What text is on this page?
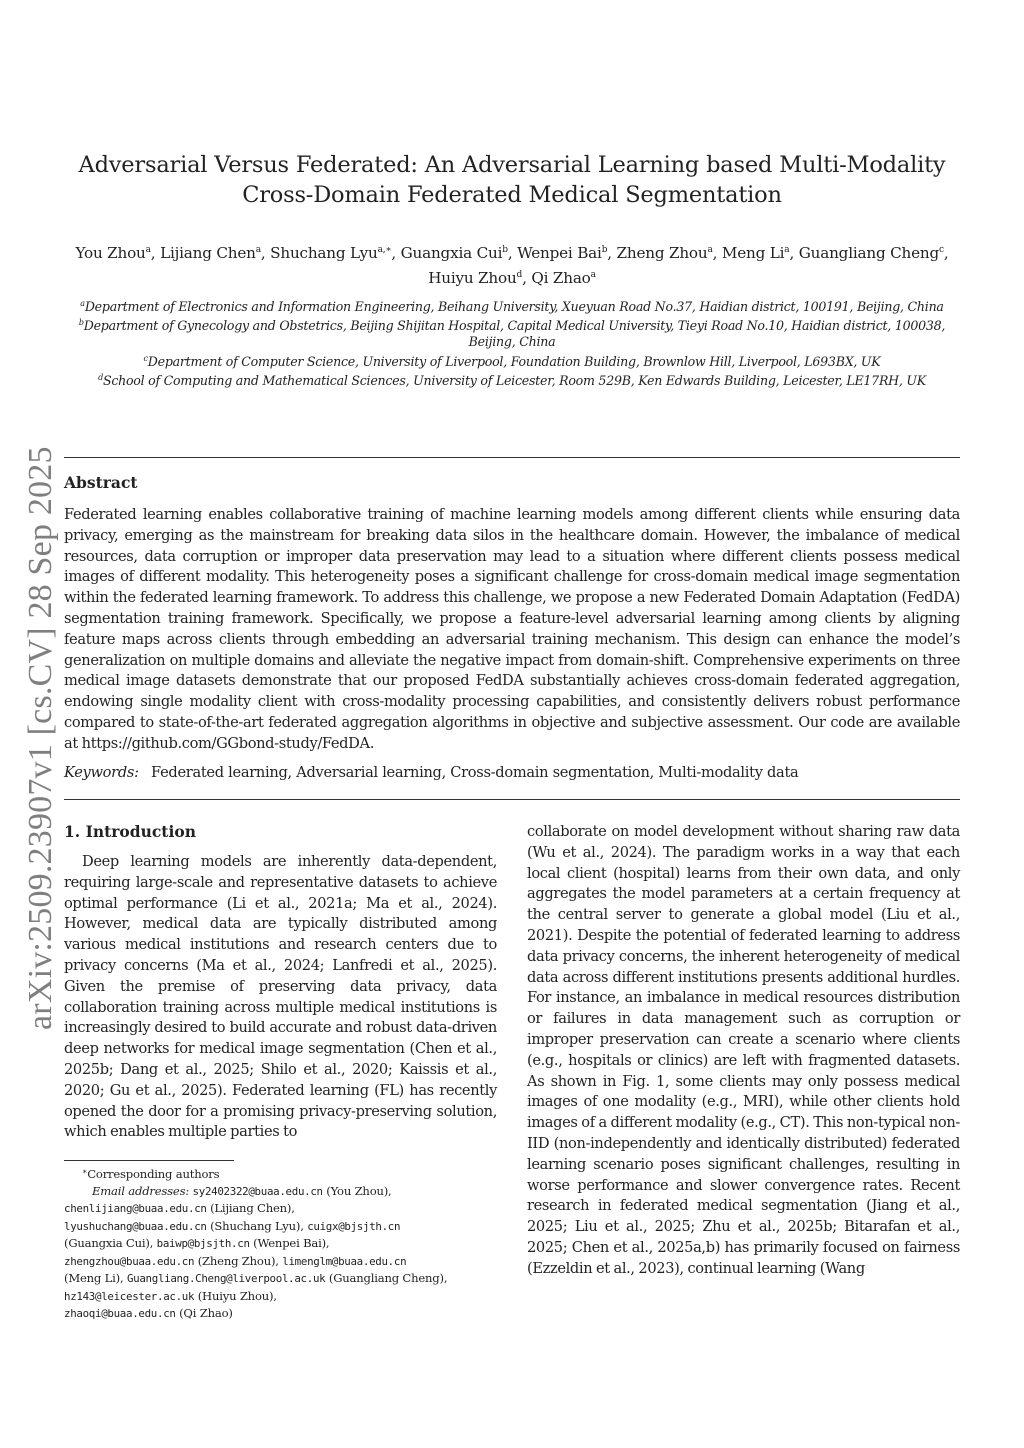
arXiv:2509.23907v1 [cs.CV] 28 Sep 2025
Adversarial Versus Federated: An Adversarial Learning based Multi-Modality
Cross-Domain Federated Medical Segmentation
You Zhou$^a$, Lijiang Chen$^a$, Shuchang Lyu$^{a,∗}$, Guangxia Cui$^b$, Wenpei Bai$^b$, Zheng Zhou$^a$, Meng Li$^a$, Guangliang Cheng$^c$, Huiyu Zhou$^d$, Qi Zhao$^a$
$^a$Department of Electronics and Information Engineering, Beihang University, Xueyuan Road No.37, Haidian district, 100191, Beijing, China
$^b$Department of Gynecology and Obstetrics, Beijing Shijitan Hospital, Capital Medical University, Tieyi Road No.10, Haidian district, 100038, Beijing, China
$^c$Department of Computer Science, University of Liverpool, Foundation Building, Brownlow Hill, Liverpool, L693BX, UK
$^d$School of Computing and Mathematical Sciences, University of Leicester, Room 529B, Ken Edwards Building, Leicester, LE17RH, UK
Abstract
Federated learning enables collaborative training of machine learning models among different clients while ensuring data privacy, emerging as the mainstream for breaking data silos in the healthcare domain. However, the imbalance of medical resources, data corruption or improper data preservation may lead to a situation where different clients possess medical images of different modality. This heterogeneity poses a significant challenge for cross-domain medical image segmentation within the federated learning framework. To address this challenge, we propose a new Federated Domain Adaptation (FedDA) segmentation training framework. Specifically, we propose a feature-level adversarial learning among clients by aligning feature maps across clients through embedding an adversarial training mechanism. This design can enhance the model’s generalization on multiple domains and alleviate the negative impact from domain-shift. Comprehensive experiments on three medical image datasets demonstrate that our proposed FedDA substantially achieves cross-domain federated aggregation, endowing single modality client with cross-modality processing capabilities, and consistently delivers robust performance compared to state-of-the-art federated aggregation algorithms in objective and subjective assessment. Our code are available at https://github.com/GGbond-study/FedDA.
Keywords: Federated learning, Adversarial learning, Cross-domain segmentation, Multi-modality data
1. Introduction
Deep learning models are inherently data-dependent, requiring large-scale and representative datasets to achieve optimal performance (Li et al., 2021a; Ma et al., 2024). However, medical data are typically distributed among various medical institutions and research centers due to privacy concerns (Ma et al., 2024; Lanfredi et al., 2025). Given the premise of preserving data privacy, data collaboration training across multiple medical institutions is increasingly desired to build accurate and robust data-driven deep networks for medical image segmentation (Chen et al., 2025b; Dang et al., 2025; Shilo et al., 2020; Kaissis et al., 2020; Gu et al., 2025). Federated learning (FL) has recently opened the door for a promising privacy-preserving solution, which enables multiple parties to
collaborate on model development without sharing raw data (Wu et al., 2024). The paradigm works in a way that each local client (hospital) learns from their own data, and only aggregates the model parameters at a certain frequency at the central server to generate a global model (Liu et al., 2021). Despite the potential of federated learning to address data privacy concerns, the inherent heterogeneity of medical data across different institutions presents additional hurdles. For instance, an imbalance in medical resources distribution or failures in data management such as corruption or improper preservation can create a scenario where clients (e.g., hospitals or clinics) are left with fragmented datasets. As shown in Fig. 1, some clients may only possess medical images of one modality (e.g., MRI), while other clients hold images of a different modality (e.g., CT). This non-typical non-IID (non-independently and identically distributed) federated learning scenario poses significant challenges, resulting in worse performance and slower convergence rates. Recent research in federated medical segmentation (Jiang et al., 2025; Liu et al., 2025; Zhu et al., 2025b; Bitarafan et al., 2025; Chen et al., 2025a,b) has primarily focused on fairness (Ezzeldin et al., 2023), continual learning (Wang
∗Corresponding authors
Email addresses: sy2402322@buaa.edu.cn (You Zhou),
chenlijiang@buaa.edu.cn (Lijiang Chen),
lyushuchang@buaa.edu.cn (Shuchang Lyu), cuigx@bjsjth.cn
(Guangxia Cui), baiwp@bjsjth.cn (Wenpei Bai),
zhengzhou@buaa.edu.cn (Zheng Zhou), limenglm@buaa.edu.cn
(Meng Li), Guangliang.Cheng@liverpool.ac.uk (Guangliang Cheng), hz143@leicester.ac.uk (Huiyu Zhou),
zhaoqi@buaa.edu.cn (Qi Zhao)
